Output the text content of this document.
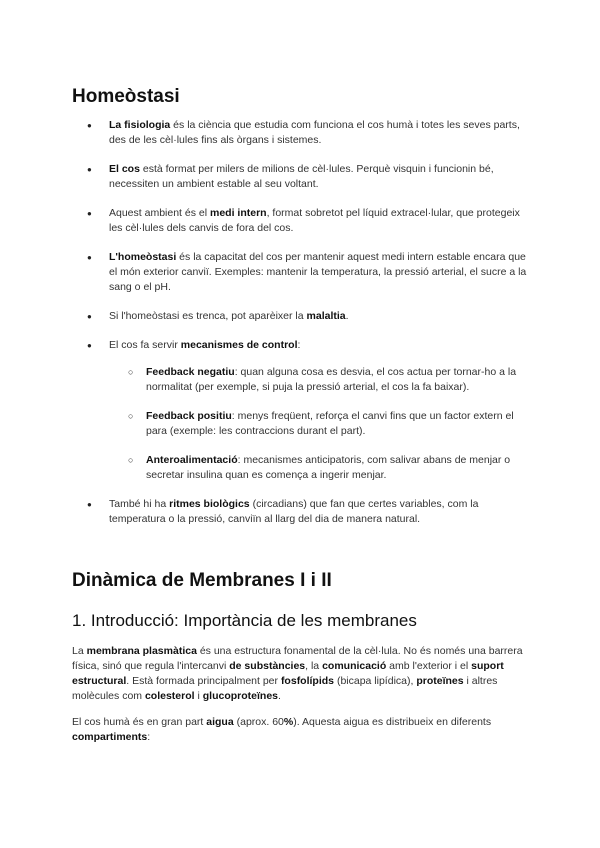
Homeòstasi
● La fisiologia és la ciència que estudia com funciona el cos humà i totes les seves parts, des de les cèl·lules fins als òrgans i sistemes.
● El cos està format per milers de milions de cèl·lules. Perquè visquin i funcionin bé, necessiten un ambient estable al seu voltant.
● Aquest ambient és el medi intern, format sobretot pel líquid extracel·lular, que protegeix les cèl·lules dels canvis de fora del cos.
● L'homeòstasi és la capacitat del cos per mantenir aquest medi intern estable encara que el món exterior canviï. Exemples: mantenir la temperatura, la pressió arterial, el sucre a la sang o el pH.
● Si l'homeòstasi es trenca, pot aparèixer la malaltia.
● El cos fa servir mecanismes de control:
○ Feedback negatiu: quan alguna cosa es desvia, el cos actua per tornar-ho a la normalitat (per exemple, si puja la pressió arterial, el cos la fa baixar).
○ Feedback positiu: menys freqüent, reforça el canvi fins que un factor extern el para (exemple: les contraccions durant el part).
○ Anteroalimentació: mecanismes anticipatoris, com salivar abans de menjar o secretar insulina quan es comença a ingerir menjar.
● També hi ha ritmes biològics (circadians) que fan que certes variables, com la temperatura o la pressió, canviïn al llarg del dia de manera natural.
Dinàmica de Membranes I i II
1. Introducció: Importància de les membranes

La membrana plasmàtica és una estructura fonamental de la cèl·lula. No és només una barrera física, sinó que regula l'intercanvi de substàncies, la comunicació amb l'exterior i el suport estructural. Està formada principalment per fosfolípids (bicapa lipídica), proteïnes i altres molècules com colesterol i glucoproteïnes.

El cos humà és en gran part aigua (aprox. 60%). Aquesta aigua es distribueix en diferents compartiments:
